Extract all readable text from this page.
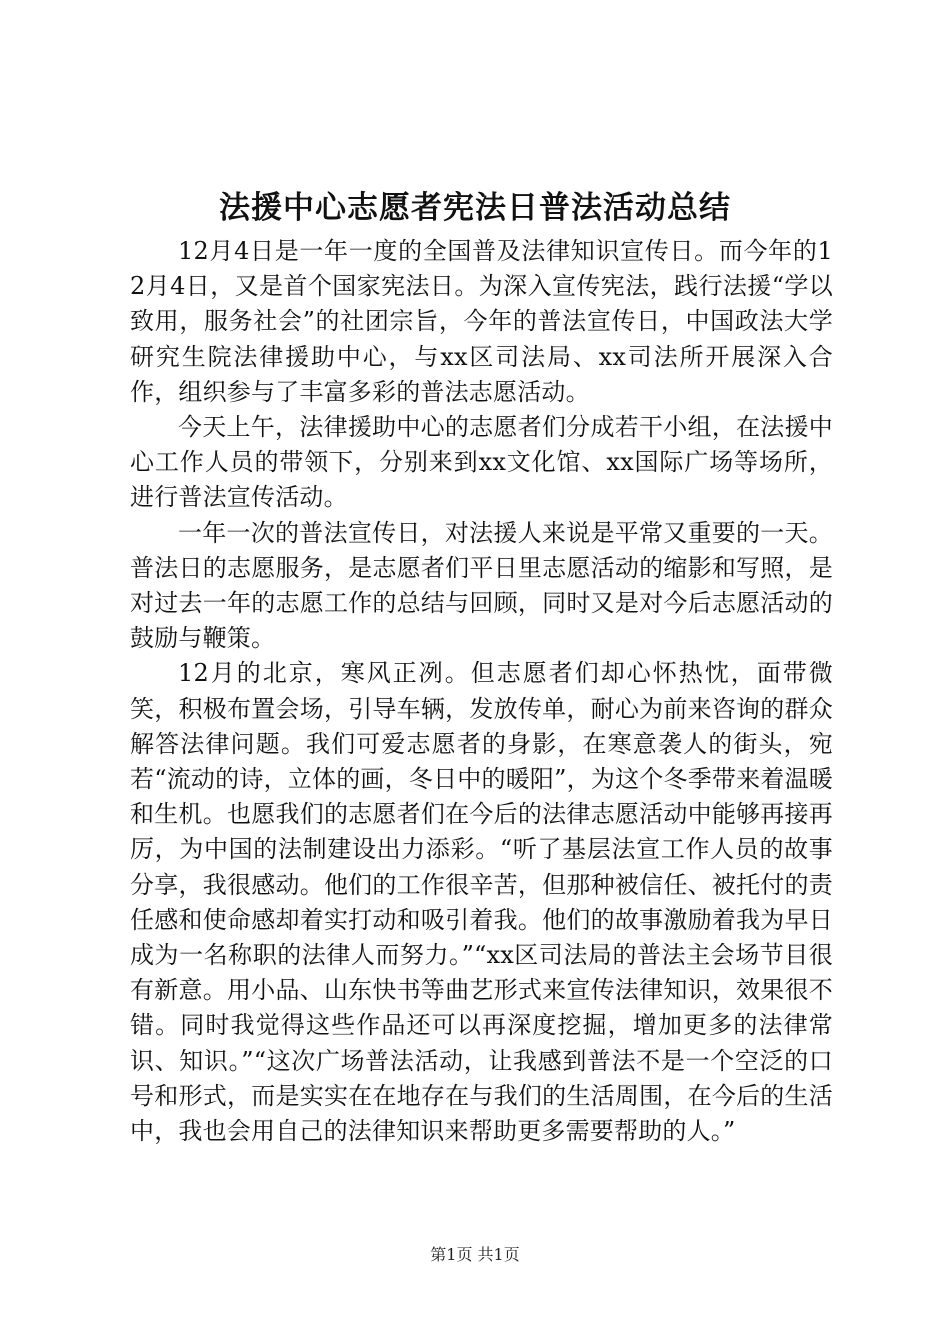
法援中心志愿者宪法日普法活动总结

12月4日是一年一度的全国普及法律知识宣传日。而今年的12月4日，又是首个国家宪法日。为深入宣传宪法，践行法援“学以致用，服务社会”的社团宗旨，今年的普法宣传日，中国政法大学研究生院法律援助中心，与xx区司法局、xx司法所开展深入合作，组织参与了丰富多彩的普法志愿活动。

今天上午，法律援助中心的志愿者们分成若干小组，在法援中心工作人员的带领下，分别来到xx文化馆、xx国际广场等场所，进行普法宣传活动。

一年一次的普法宣传日，对法援人来说是平常又重要的一天。普法日的志愿服务，是志愿者们平日里志愿活动的缩影和写照，是对过去一年的志愿工作的总结与回顾，同时又是对今后志愿活动的鼓励与鞭策。

12月的北京，寒风正冽。但志愿者们却心怀热忱，面带微笑，积极布置会场，引导车辆，发放传单，耐心为前来咨询的群众解答法律问题。我们可爱志愿者的身影，在寒意袭人的街头，宛若“流动的诗，立体的画，冬日中的暖阳”，为这个冬季带来着温暖和生机。也愿我们的志愿者们在今后的法律志愿活动中能够再接再厉，为中国的法制建设出力添彩。“听了基层法宣工作人员的故事分享，我很感动。他们的工作很辛苦，但那种被信任、被托付的责任感和使命感却着实打动和吸引着我。他们的故事激励着我为早日成为一名称职的法律人而努力。”“xx区司法局的普法主会场节目很有新意。用小品、山东快书等曲艺形式来宣传法律知识，效果很不错。同时我觉得这些作品还可以再深度挖掘，增加更多的法律常识、知识。”“这次广场普法活动，让我感到普法不是一个空泛的口号和形式，而是实实在在地存在与我们的生活周围，在今后的生活中，我也会用自己的法律知识来帮助更多需要帮助的人。”

第1页 共1页
